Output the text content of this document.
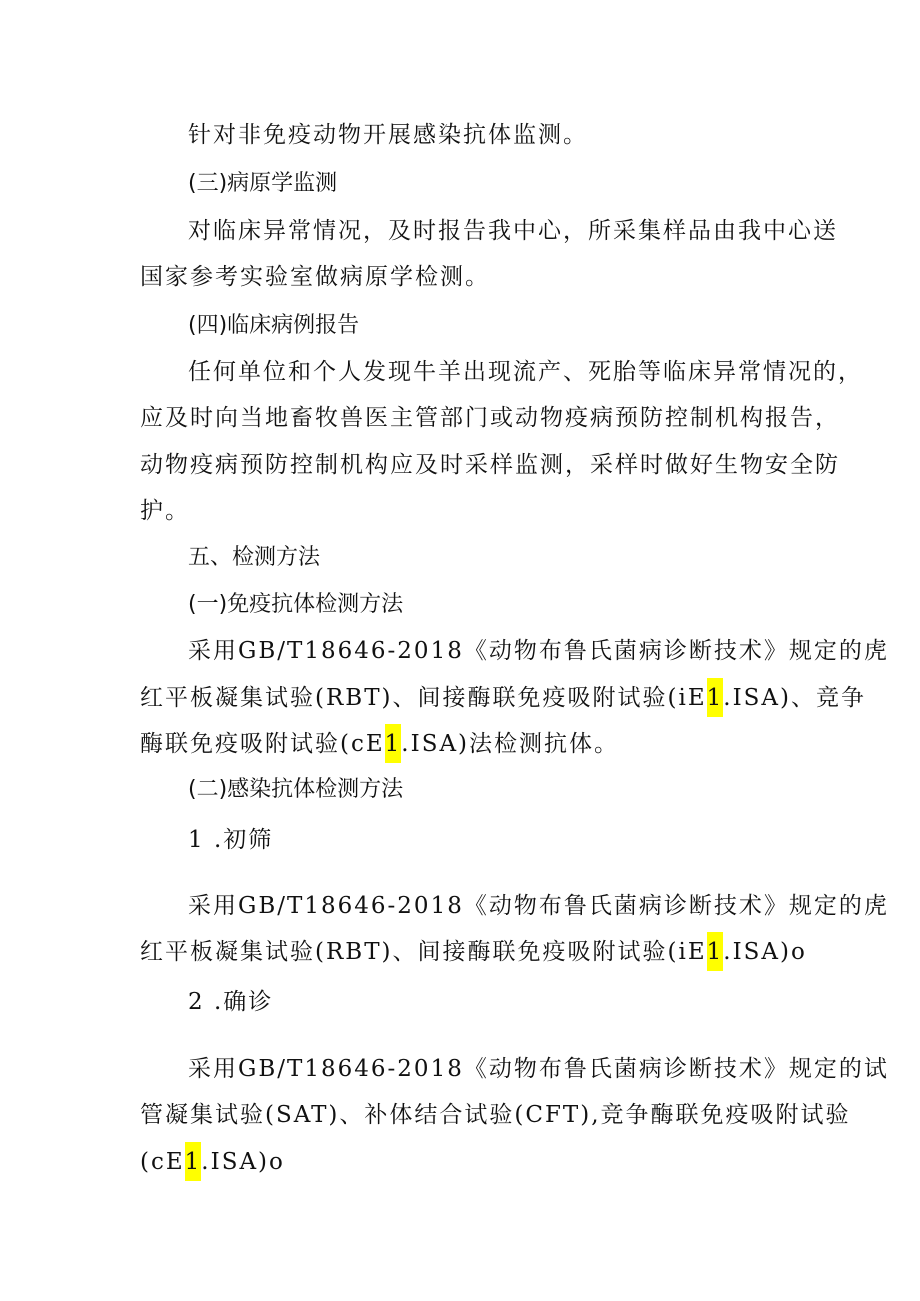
针对非免疫动物开展感染抗体监测。
(三)病原学监测
对临床异常情况，及时报告我中心，所采集样品由我中心送
国家参考实验室做病原学检测。
(四)临床病例报告
任何单位和个人发现牛羊出现流产、死胎等临床异常情况的，
应及时向当地畜牧兽医主管部门或动物疫病预防控制机构报告，
动物疫病预防控制机构应及时采样监测，采样时做好生物安全防
护。
五、检测方法
(一)免疫抗体检测方法
采用GB/T18646-2018《动物布鲁氏菌病诊断技术》规定的虎
红平板凝集试验(RBT)、间接酶联免疫吸附试验(iE1.ISA)、竞争
酶联免疫吸附试验(cE1.ISA)法检测抗体。
(二)感染抗体检测方法
1 .初筛
采用GB/T18646-2018《动物布鲁氏菌病诊断技术》规定的虎
红平板凝集试验(RBT)、间接酶联免疫吸附试验(iE1.ISA)o
2 .确诊
采用GB/T18646-2018《动物布鲁氏菌病诊断技术》规定的试
管凝集试验(SAT)、补体结合试验(CFT),竞争酶联免疫吸附试验
(cE1.ISA)o
